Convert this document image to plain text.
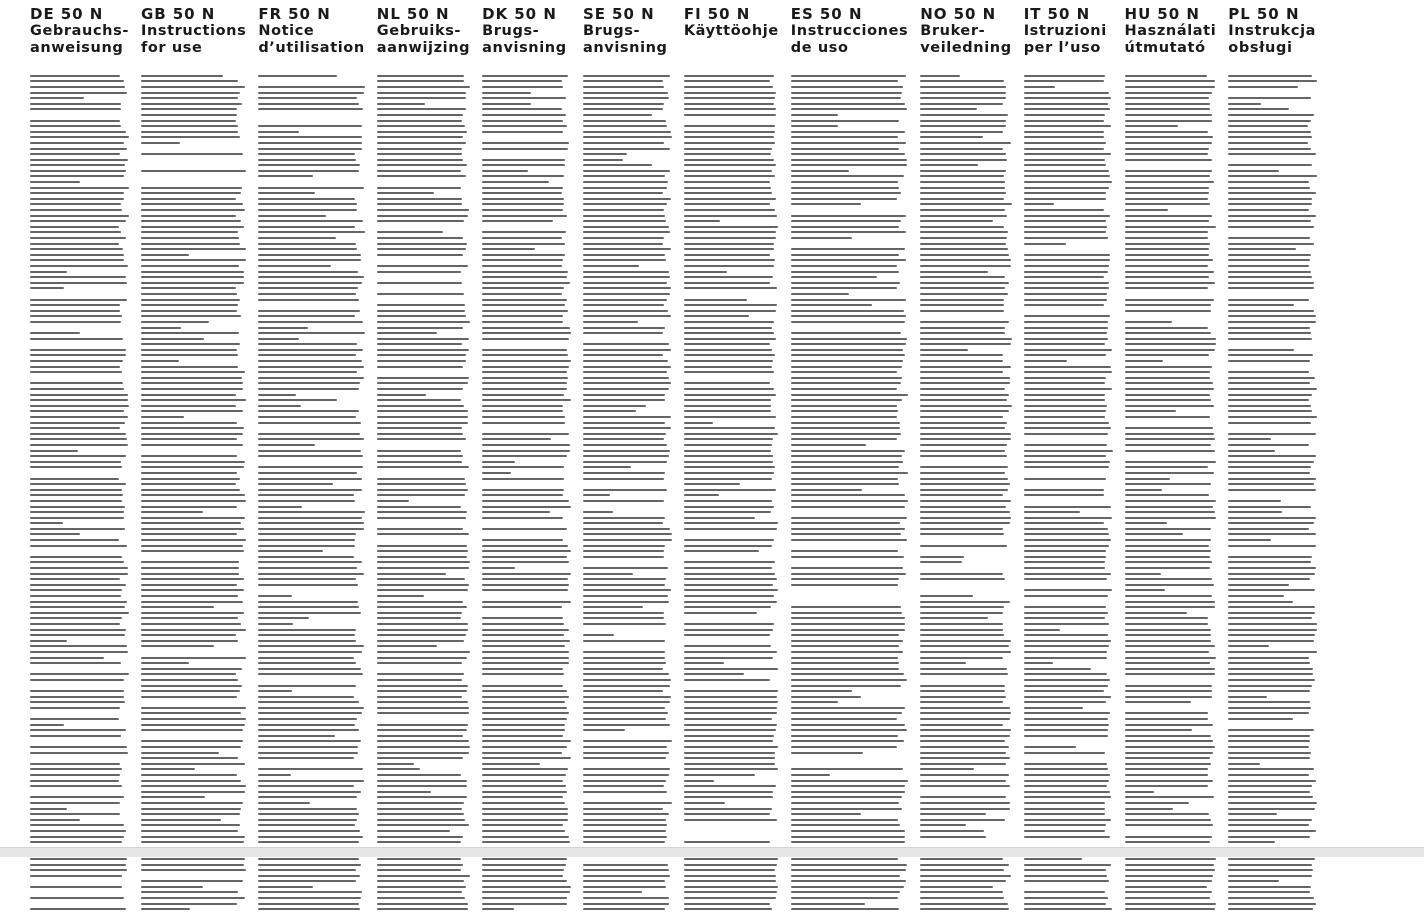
DE 50 N
Gebrauchs-
anweisung
GB 50 N
Instructions
for use
FR 50 N
Notice
d’utilisation
NL 50 N
Gebruiks-
aanwijzing
DK 50 N
Brugs-
anvisning
SE 50 N
Brugs-
anvisning
FI 50 N
Käyttöohje
ES 50 N
Instrucciones
de uso
NO 50 N
Bruker-
veiledning
IT 50 N
Istruzioni
per l’uso
HU 50 N
Használati
útmutató
PL 50 N
Instrukcja
obsługi
